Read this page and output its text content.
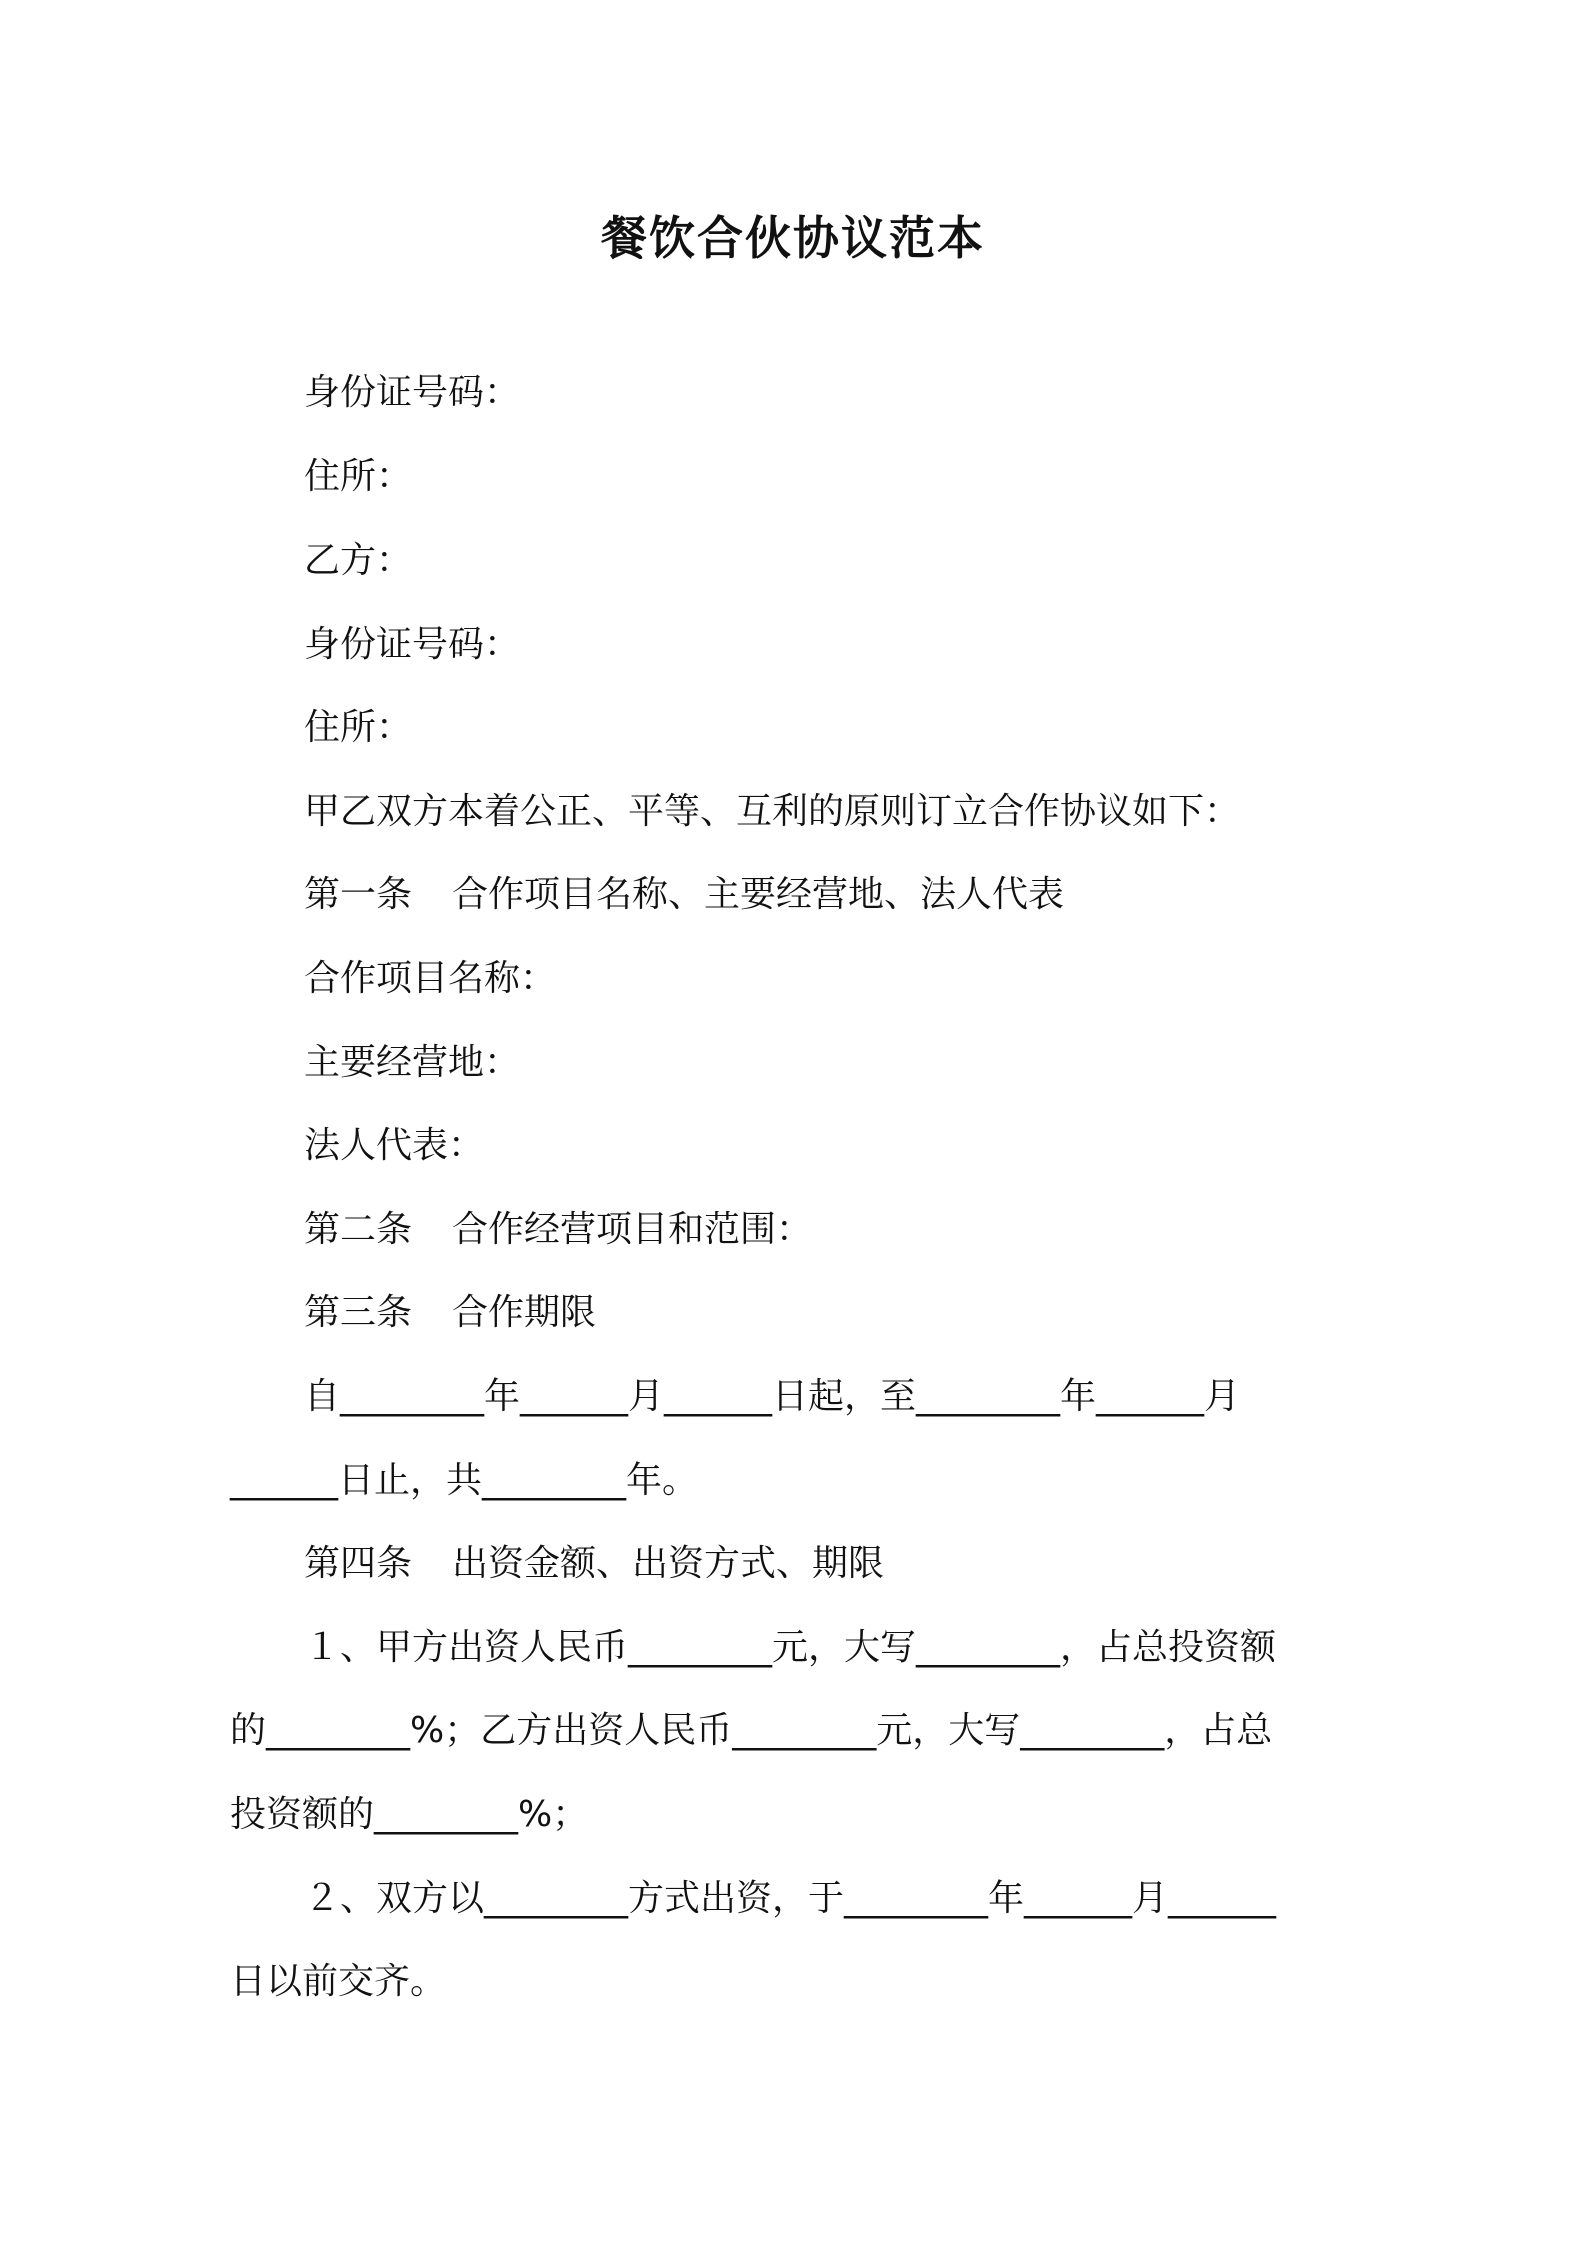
餐饮合伙协议范本
身份证号码：
住所：
乙方：
身份证号码：
住所：
甲乙双方本着公正、平等、互利的原则订立合作协议如下：
第一条 合作项目名称、主要经营地、法人代表
合作项目名称：
主要经营地：
法人代表：
第二条 合作经营项目和范围：
第三条 合作期限
自________年______月______日起，至________年______月
______日止，共________年。
第四条 出资金额、出资方式、期限
１、甲方出资人民币________元，大写________，占总投资额
的________%；乙方出资人民币________元，大写________，占总
投资额的________%；
２、双方以________方式出资，于________年______月______
日以前交齐。
